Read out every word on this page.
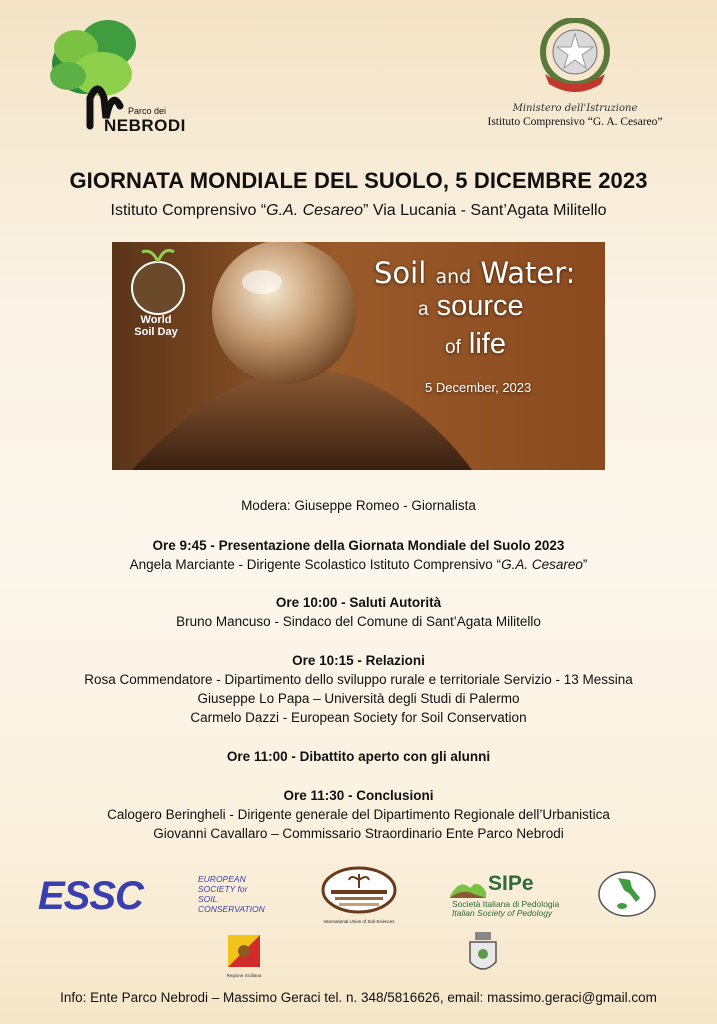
Parco dei
NEBRODI
Ministero dell'Istruzione
Istituto Comprensivo “G. A. Cesareo”
GIORNATA MONDIALE DEL SUOLO, 5 DICEMBRE 2023
Istituto Comprensivo “G.A. Cesareo” Via Lucania - Sant’Agata Militello
Soil and Water:
a source
of life
5 December, 2023
World
Soil Day
Modera: Giuseppe Romeo - Giornalista
Ore 9:45 - Presentazione della Giornata Mondiale del Suolo 2023
Angela Marciante - Dirigente Scolastico Istituto Comprensivo “G.A. Cesareo”
Ore 10:00 - Saluti Autorità
Bruno Mancuso - Sindaco del Comune di Sant’Agata Militello
Ore 10:15 - Relazioni
Rosa Commendatore - Dipartimento dello sviluppo rurale e territoriale Servizio - 13 Messina
Giuseppe Lo Papa – Università degli Studi di Palermo
Carmelo Dazzi - European Society for Soil Conservation
Ore 11:00 - Dibattito aperto con gli alunni
Ore 11:30 - Conclusioni
Calogero Beringheli - Dirigente generale del Dipartimento Regionale dell’Urbanistica
Giovanni Cavallaro – Commissario Straordinario Ente Parco Nebrodi
ESSC	EUROPEAN
SOCIETY for
SOIL
CONSERVATION
International Union of Soil Sciences
SIPe
Società Italiana di Pedologia
Italian Society of Pedology
Regione Siciliana
Info: Ente Parco Nebrodi – Massimo Geraci tel. n. 348/5816626, email: massimo.geraci@gmail.com
